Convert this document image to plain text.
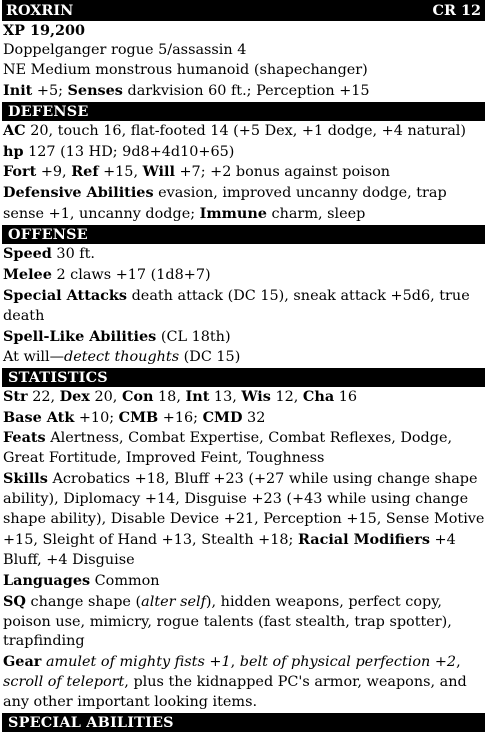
ROXRIN	CR 12
XP 19,200
Doppelganger rogue 5/assassin 4
NE Medium monstrous humanoid (shapechanger)
Init +5; Senses darkvision 60 ft.; Perception +15
DEFENSE
AC 20, touch 16, flat-footed 14 (+5 Dex, +1 dodge, +4 natural)
hp 127 (13 HD; 9d8+4d10+65)
Fort +9, Ref +15, Will +7; +2 bonus against poison
Defensive Abilities evasion, improved uncanny dodge, trap sense +1, uncanny dodge; Immune charm, sleep
OFFENSE
Speed 30 ft.
Melee 2 claws +17 (1d8+7)
Special Attacks death attack (DC 15), sneak attack +5d6, true death
Spell-Like Abilities (CL 18th)
At will—detect thoughts (DC 15)
STATISTICS
Str 22, Dex 20, Con 18, Int 13, Wis 12, Cha 16
Base Atk +10; CMB +16; CMD 32
Feats Alertness, Combat Expertise, Combat Reflexes, Dodge, Great Fortitude, Improved Feint, Toughness
Skills Acrobatics +18, Bluff +23 (+27 while using change shape ability), Diplomacy +14, Disguise +23 (+43 while using change shape ability), Disable Device +21, Perception +15, Sense Motive +15, Sleight of Hand +13, Stealth +18; Racial Modifiers +4 Bluff, +4 Disguise
Languages Common
SQ change shape (alter self), hidden weapons, perfect copy, poison use, mimicry, rogue talents (fast stealth, trap spotter), trapfinding
Gear amulet of mighty fists +1, belt of physical perfection +2, scroll of teleport, plus the kidnapped PC's armor, weapons, and any other important looking items.
SPECIAL ABILITIES
